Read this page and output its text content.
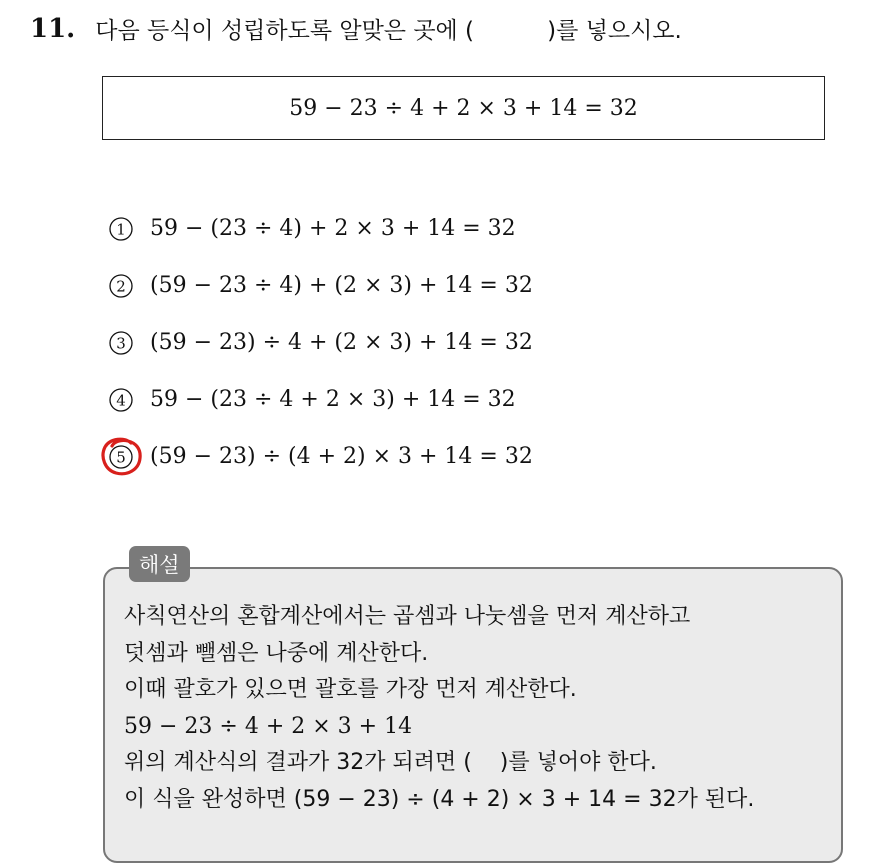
11. 다음 등식이 성립하도록 알맞은 곳에 (          )를 넣으시오.
59 − 23 ÷ 4 + 2 × 3 + 14 = 32

1

59 − (23 ÷ 4) + 2 × 3 + 14 = 32

2

(59 − 23 ÷ 4) + (2 × 3) + 14 = 32

3

(59 − 23) ÷ 4 + (2 × 3) + 14 = 32

4

59 − (23 ÷ 4 + 2 × 3) + 14 = 32

5

(59 − 23) ÷ (4 + 2) × 3 + 14 = 32
해설
사칙연산의 혼합계산에서는 곱셈과 나눗셈을 먼저 계산하고
덧셈과 뺄셈은 나중에 계산한다.
이때 괄호가 있으면 괄호를 가장 먼저 계산한다.
59 − 23 ÷ 4 + 2 × 3 + 14
위의 계산식의 결과가 32가 되려면 (    )를 넣어야 한다.
이 식을 완성하면 (59 − 23) ÷ (4 + 2) × 3 + 14 = 32가 된다.
